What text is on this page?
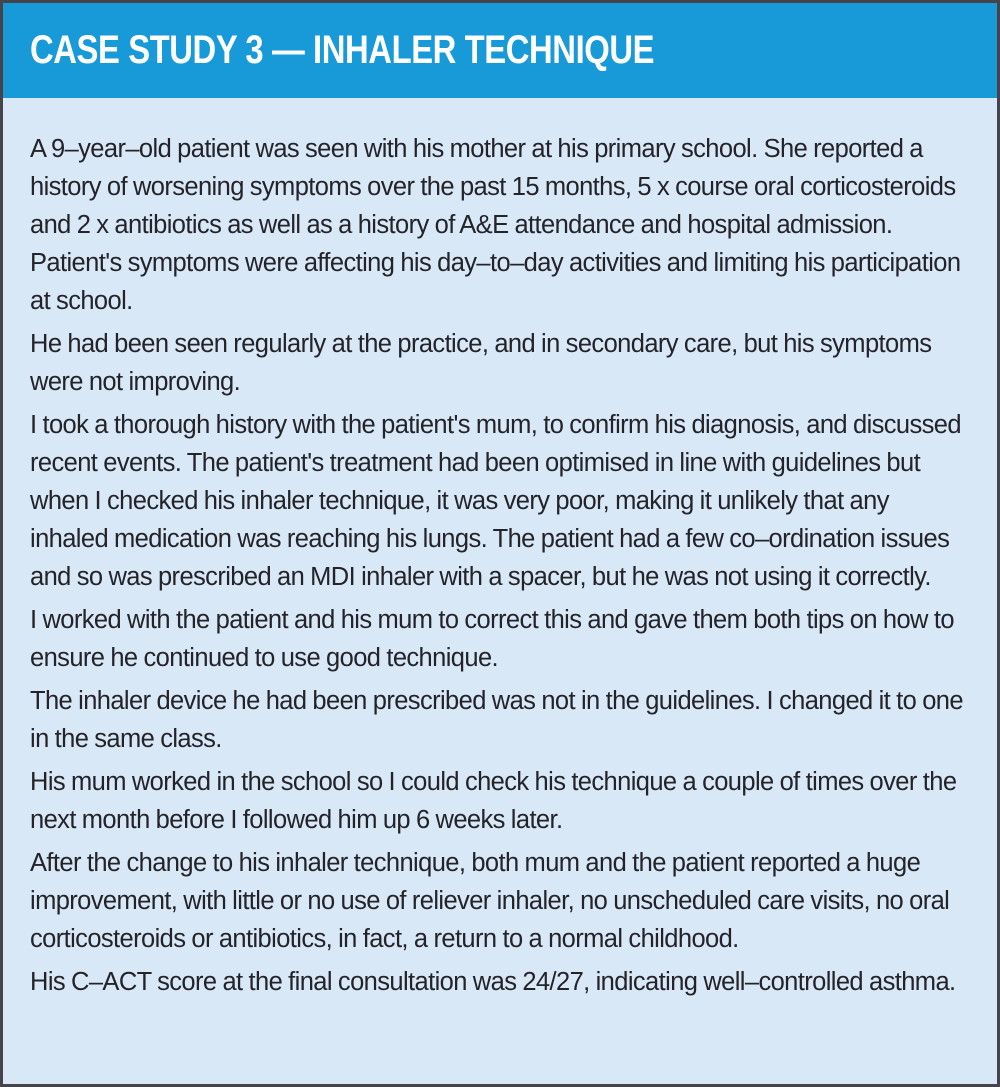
CASE STUDY 3 — INHALER TECHNIQUE

A 9–year–old patient was seen with his mother at his primary school. She reported a history of worsening symptoms over the past 15 months, 5 x course oral corticosteroids and 2 x antibiotics as well as a history of A&E attendance and hospital admission. Patient's symptoms were affecting his day–to–day activities and limiting his participation at school.

He had been seen regularly at the practice, and in secondary care, but his symptoms were not improving.

I took a thorough history with the patient's mum, to confirm his diagnosis, and discussed recent events. The patient's treatment had been optimised in line with guidelines but when I checked his inhaler technique, it was very poor, making it unlikely that any inhaled medication was reaching his lungs. The patient had a few co–ordination issues and so was prescribed an MDI inhaler with a spacer, but he was not using it correctly.

I worked with the patient and his mum to correct this and gave them both tips on how to ensure he continued to use good technique.

The inhaler device he had been prescribed was not in the guidelines. I changed it to one in the same class.

His mum worked in the school so I could check his technique a couple of times over the next month before I followed him up 6 weeks later.

After the change to his inhaler technique, both mum and the patient reported a huge improvement, with little or no use of reliever inhaler, no unscheduled care visits, no oral corticosteroids or antibiotics, in fact, a return to a normal childhood.

His C–ACT score at the final consultation was 24/27, indicating well–controlled asthma.
